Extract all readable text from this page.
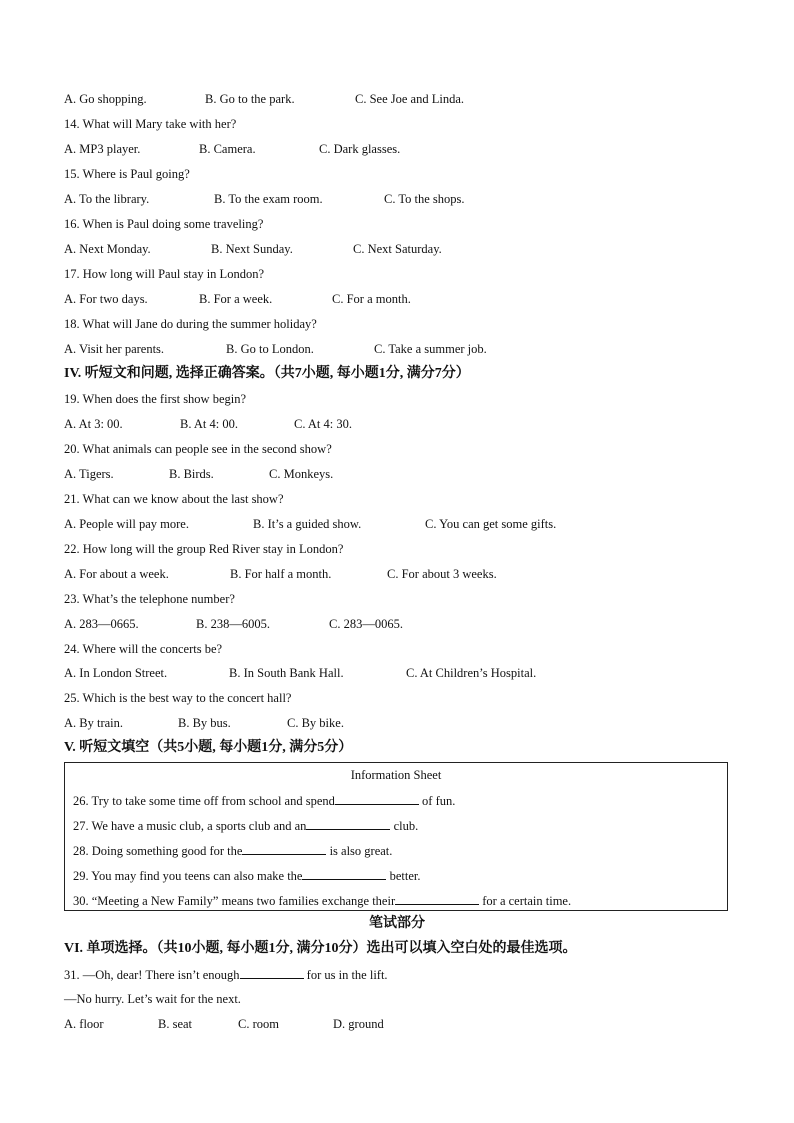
A. Go shopping.	B. Go to the park.	C. See Joe and Linda.
14. What will Mary take with her?
A. MP3 player.	B. Camera.	C. Dark glasses.
15. Where is Paul going?
A. To the library.	B. To the exam room.	C. To the shops.
16. When is Paul doing some traveling?
A. Next Monday.	B. Next Sunday.	C. Next Saturday.
17. How long will Paul stay in London?
A. For two days.	B. For a week.	C. For a month.
18. What will Jane do during the summer holiday?
A. Visit her parents.	B. Go to London.	C. Take a summer job.
IV. 听短文和问题, 选择正确答案。（共7小题, 每小题1分, 满分7分）
19. When does the first show begin?
A. At 3: 00.	B. At 4: 00.	C. At 4: 30.
20. What animals can people see in the second show?
A. Tigers.	B. Birds.	C. Monkeys.
21. What can we know about the last show?
A. People will pay more.	B. It’s a guided show.	C. You can get some gifts.
22. How long will the group Red River stay in London?
A. For about a week.	B. For half a month.	C. For about 3 weeks.
23. What’s the telephone number?
A. 283—0665.	B. 238—6005.	C. 283—0065.
24. Where will the concerts be?
A. In London Street.	B. In South Bank Hall.	C. At Children’s Hospital.
25. Which is the best way to the concert hall?
A. By train.	B. By bus.	C. By bike.
V. 听短文填空（共5小题, 每小题1分, 满分5分）
Information Sheet
26. Try to take some time off from school and spend	of fun.
27. We have a music club, a sports club and an	club.
28. Doing something good for the	is also great.
29. You may find you teens can also make the	better.
30. “Meeting a New Family” means two families exchange their	for a certain time.
笔试部分
VI. 单项选择。（共10小题, 每小题1分, 满分10分）选出可以填入空白处的最佳选项。
31. —Oh, dear! There isn’t enough	for us in the lift.
—No hurry. Let’s wait for the next.
A. floor	B. seat	C. room	D. ground
